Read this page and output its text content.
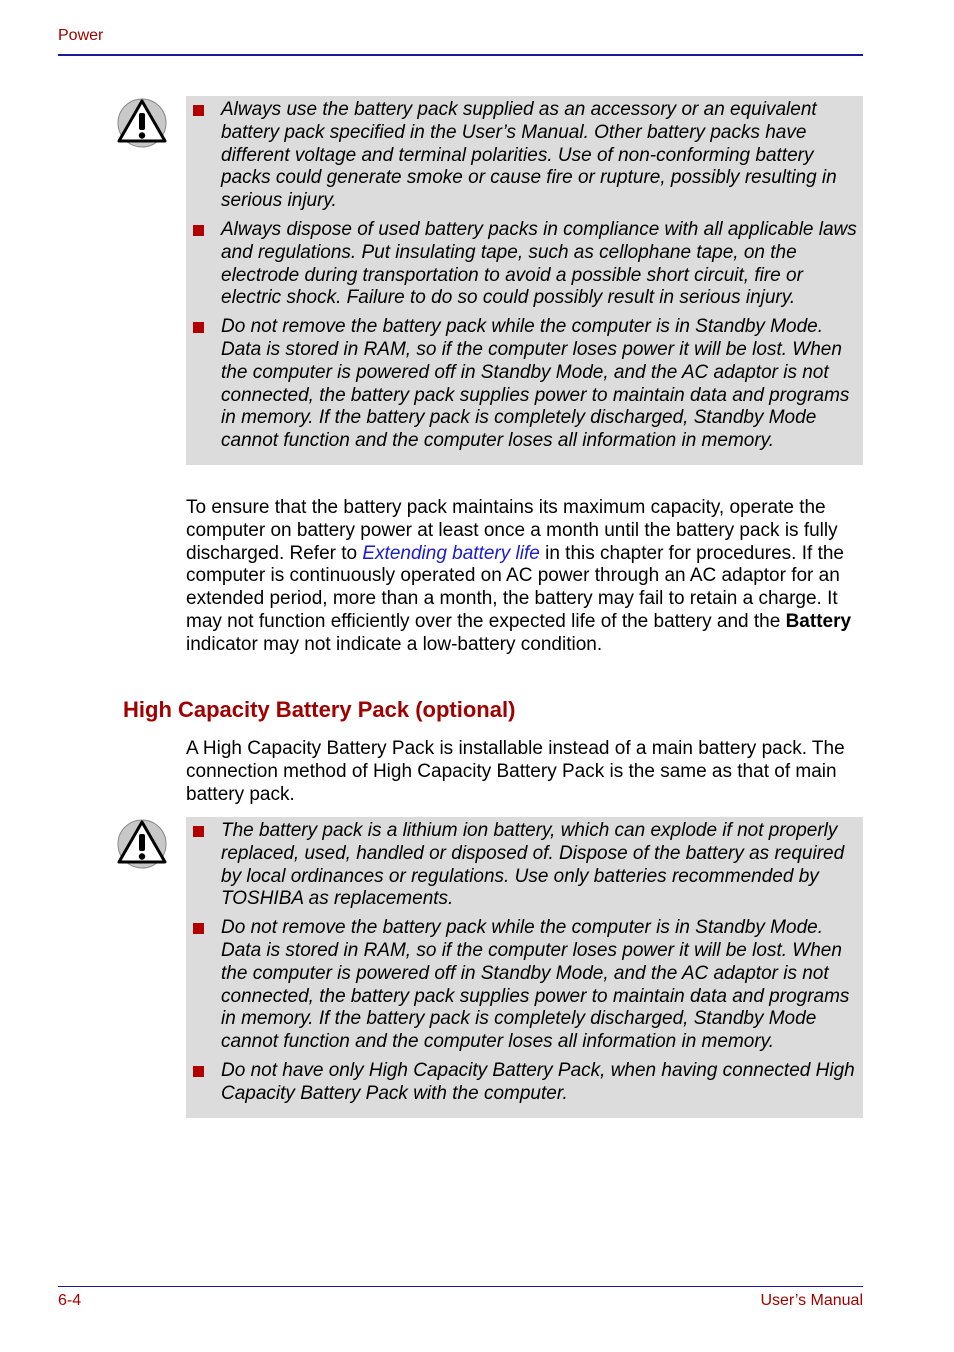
Power
Always use the battery pack supplied as an accessory or an equivalent battery pack specified in the User’s Manual. Other battery packs have different voltage and terminal polarities. Use of non-conforming battery packs could generate smoke or cause fire or rupture, possibly resulting in serious injury.
Always dispose of used battery packs in compliance with all applicable laws and regulations. Put insulating tape, such as cellophane tape, on the electrode during transportation to avoid a possible short circuit, fire or electric shock. Failure to do so could possibly result in serious injury.
Do not remove the battery pack while the computer is in Standby Mode. Data is stored in RAM, so if the computer loses power it will be lost. When the computer is powered off in Standby Mode, and the AC adaptor is not connected, the battery pack supplies power to maintain data and programs in memory. If the battery pack is completely discharged, Standby Mode cannot function and the computer loses all information in memory.
To ensure that the battery pack maintains its maximum capacity, operate the computer on battery power at least once a month until the battery pack is fully discharged. Refer to Extending battery life in this chapter for procedures. If the computer is continuously operated on AC power through an AC adaptor for an extended period, more than a month, the battery may fail to retain a charge. It may not function efficiently over the expected life of the battery and the Battery indicator may not indicate a low-battery condition.
High Capacity Battery Pack (optional)
A High Capacity Battery Pack is installable instead of a main battery pack. The connection method of High Capacity Battery Pack is the same as that of main battery pack.
The battery pack is a lithium ion battery, which can explode if not properly replaced, used, handled or disposed of. Dispose of the battery as required by local ordinances or regulations. Use only batteries recommended by TOSHIBA as replacements.
Do not remove the battery pack while the computer is in Standby Mode. Data is stored in RAM, so if the computer loses power it will be lost. When the computer is powered off in Standby Mode, and the AC adaptor is not connected, the battery pack supplies power to maintain data and programs in memory. If the battery pack is completely discharged, Standby Mode cannot function and the computer loses all information in memory.
Do not have only High Capacity Battery Pack, when having connected High Capacity Battery Pack with the computer.
6-4	User’s Manual
